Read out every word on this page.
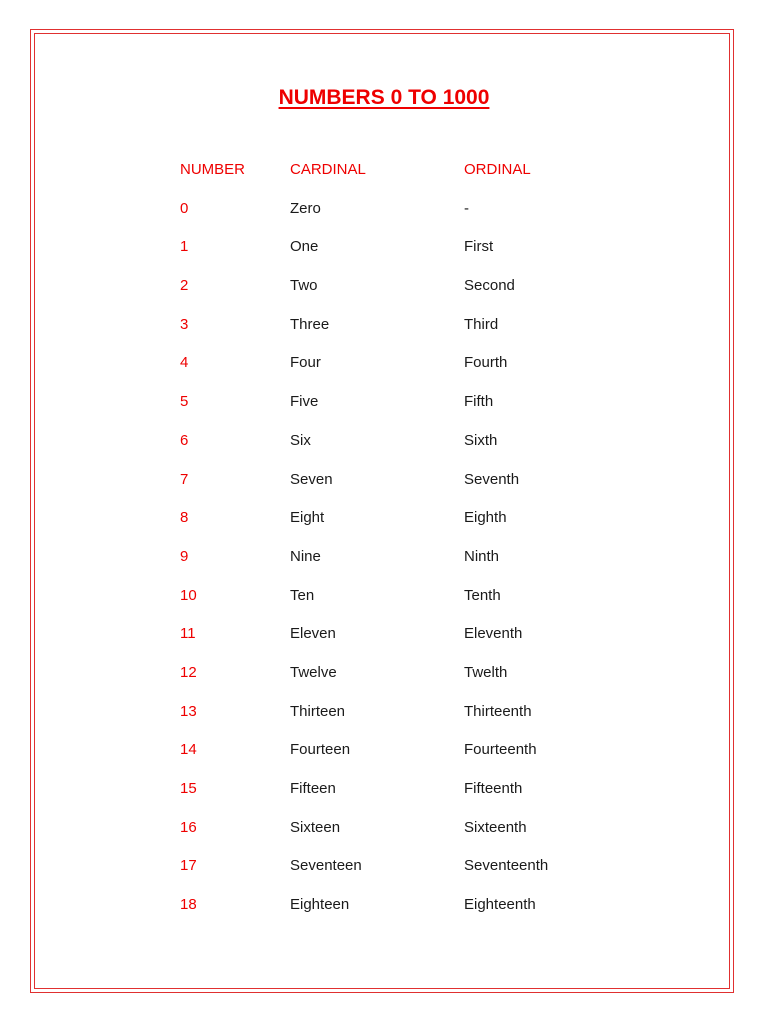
NUMBERS 0 TO 1000
NUMBER	CARDINAL	ORDINAL
0	Zero	-
1	One	First
2	Two	Second
3	Three	Third
4	Four	Fourth
5	Five	Fifth
6	Six	Sixth
7	Seven	Seventh
8	Eight	Eighth
9	Nine	Ninth
10	Ten	Tenth
11	Eleven	Eleventh
12	Twelve	Twelth
13	Thirteen	Thirteenth
14	Fourteen	Fourteenth
15	Fifteen	Fifteenth
16	Sixteen	Sixteenth
17	Seventeen	Seventeenth
18	Eighteen	Eighteenth
